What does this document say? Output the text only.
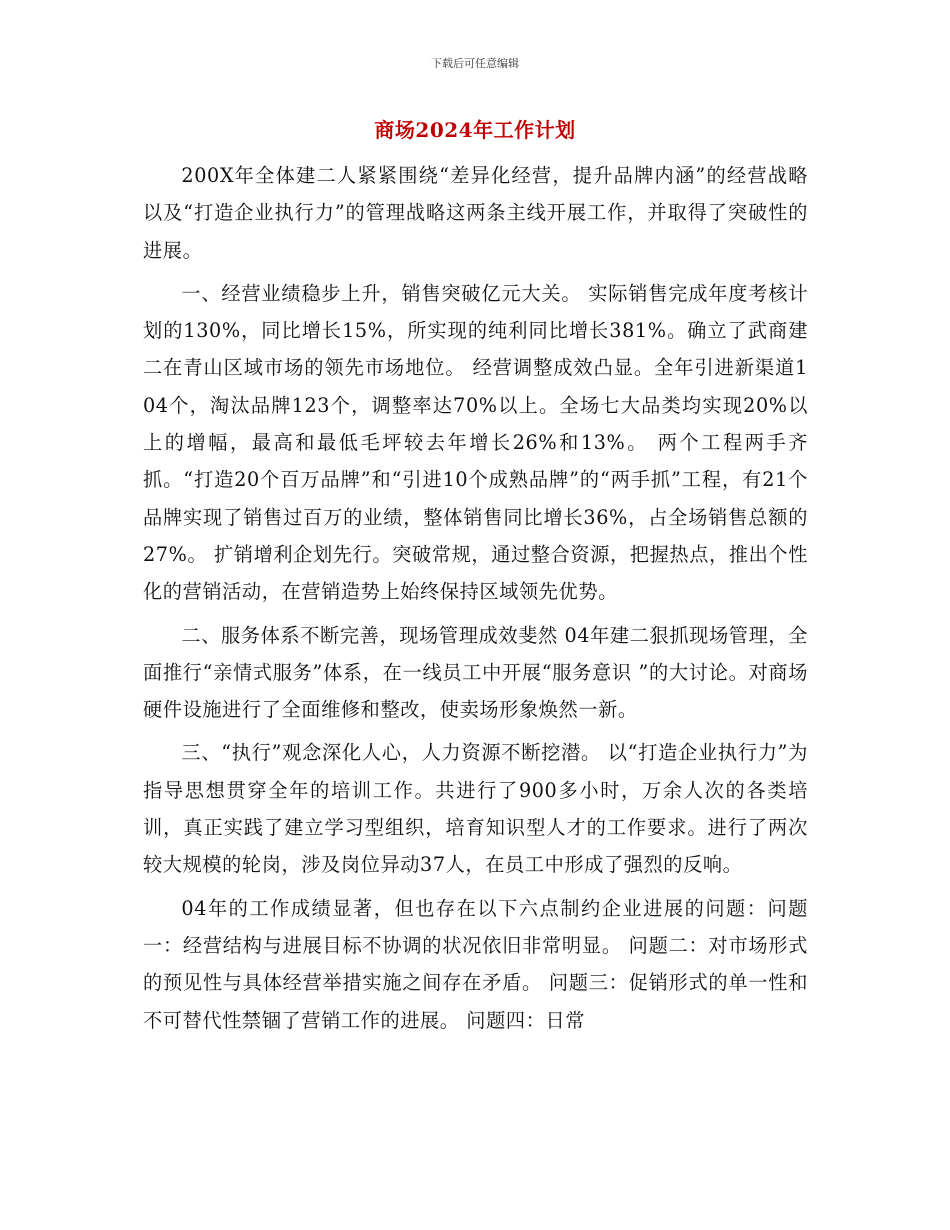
下载后可任意编辑
商场2024年工作计划

200X年全体建二人紧紧围绕“差异化经营，提升品牌内涵”的经营战略以及“打造企业执行力”的管理战略这两条主线开展工作，并取得了突破性的进展。

一、经营业绩稳步上升，销售突破亿元大关。 实际销售完成年度考核计划的130%，同比增长15%，所实现的纯利同比增长381%。确立了武商建二在青山区域市场的领先市场地位。 经营调整成效凸显。全年引进新渠道104个，淘汰品牌123个，调整率达70%以上。全场七大品类均实现20%以上的增幅，最高和最低毛坪较去年增长26%和13%。 两个工程两手齐抓。“打造20个百万品牌”和“引进10个成熟品牌”的“两手抓”工程，有21个品牌实现了销售过百万的业绩，整体销售同比增长36%，占全场销售总额的27%。 扩销增利企划先行。突破常规，通过整合资源，把握热点，推出个性化的营销活动，在营销造势上始终保持区域领先优势。

二、服务体系不断完善，现场管理成效斐然 04年建二狠抓现场管理，全面推行“亲情式服务”体系，在一线员工中开展“服务意识 ”的大讨论。对商场硬件设施进行了全面维修和整改，使卖场形象焕然一新。

三、“执行”观念深化人心，人力资源不断挖潜。 以“打造企业执行力”为指导思想贯穿全年的培训工作。共进行了900多小时，万余人次的各类培训，真正实践了建立学习型组织，培育知识型人才的工作要求。进行了两次较大规模的轮岗，涉及岗位异动37人，在员工中形成了强烈的反响。

04年的工作成绩显著，但也存在以下六点制约企业进展的问题：问题一：经营结构与进展目标不协调的状况依旧非常明显。 问题二：对市场形式的预见性与具体经营举措实施之间存在矛盾。 问题三：促销形式的单一性和不可替代性禁锢了营销工作的进展。 问题四：日常
